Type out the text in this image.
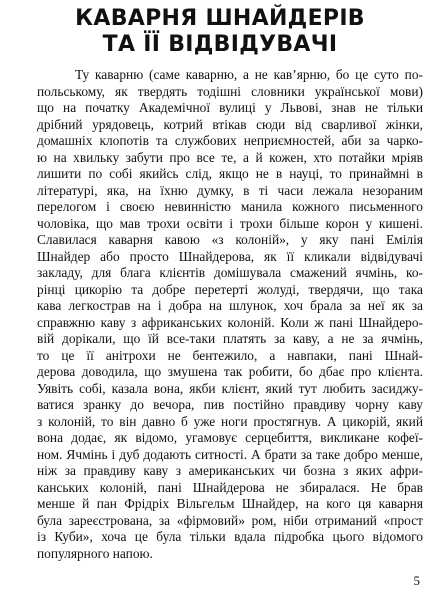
КАВАРНЯ ШНАЙДЕРІВ
ТА ЇЇ ВІДВІДУВАЧІ
Ту каварню (саме каварню, а не кав’ярню, бо це суто по-
польському, як твердять тодішні словники української мови)
що на початку Академічної вулиці у Львові, знав не тільки
дрібний урядовець, котрий втікав сюди від сварливої жінки,
домашніх клопотів та службових неприємностей, аби за чарко-
ю на хвильку забути про все те, а й кожен, хто потайки мріяв
лишити по собі якийсь слід, якщо не в науці, то принаймні в
літературі, яка, на їхню думку, в ті часи лежала незораним
перелогом і своєю невинністю манила кожного письменного
чоловіка, що мав трохи освіти і трохи більше корон у кишені.
Славилася каварня кавою «з колоній», у яку пані Емілія
Шнайдер або просто Шнайдерова, як її кликали відвідувачі
закладу, для блага клієнтів домішувала смажений ячмінь, ко-
рінці цикорію та добре перетерті жолуді, твердячи, що така
кава легкострав на і добра на шлунок, хоч брала за неї як за
справжню каву з африканських колоній. Коли ж пані Шнайдеро-
вій дорікали, що їй все-таки платять за каву, а не за ячмінь,
то це її анітрохи не бентежило, а навпаки, пані Шнай-
дерова доводила, що змушена так робити, бо дбає про клієнта.
Уявіть собі, казала вона, якби клієнт, який тут любить засиджу-
ватися зранку до вечора, пив постійно правдиву чорну каву
з колоній, то він давно б уже ноги простягнув. А цикорій, який
вона додає, як відомо, угамовує серцебиття, викликане кофеї-
ном. Ячмінь і дуб додають ситності. А брати за таке добро менше,
ніж за правдиву каву з американських чи бозна з яких афри-
канських колоній, пані Шнайдерова не збиралася. Не брав
менше й пан Фрідріх Вільгельм Шнайдер, на кого ця каварня
була зареєстрована, за «фірмовий» ром, ніби отриманий «прост
із Куби», хоча це була тільки вдала підробка цього відомого
популярного напою.
5
